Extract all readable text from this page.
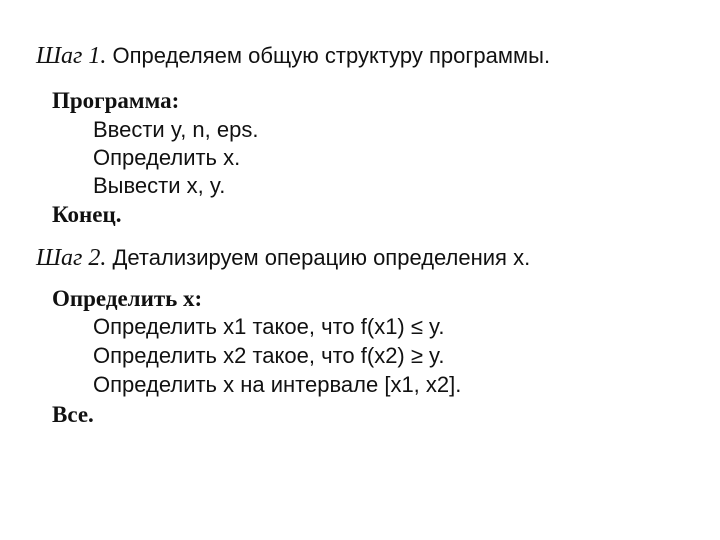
Шаг 1. Определяем общую структуру программы.
Программа:
Ввести y, n, eps.
Определить x.
Вывести x, y.
Конец.
Шаг 2. Детализируем операцию определения x.
Определить x:
Определить x1 такое, что f(x1) ≤ y.
Определить x2 такое, что f(x2) ≥ y.
Определить x на интервале [x1, x2].
Все.
